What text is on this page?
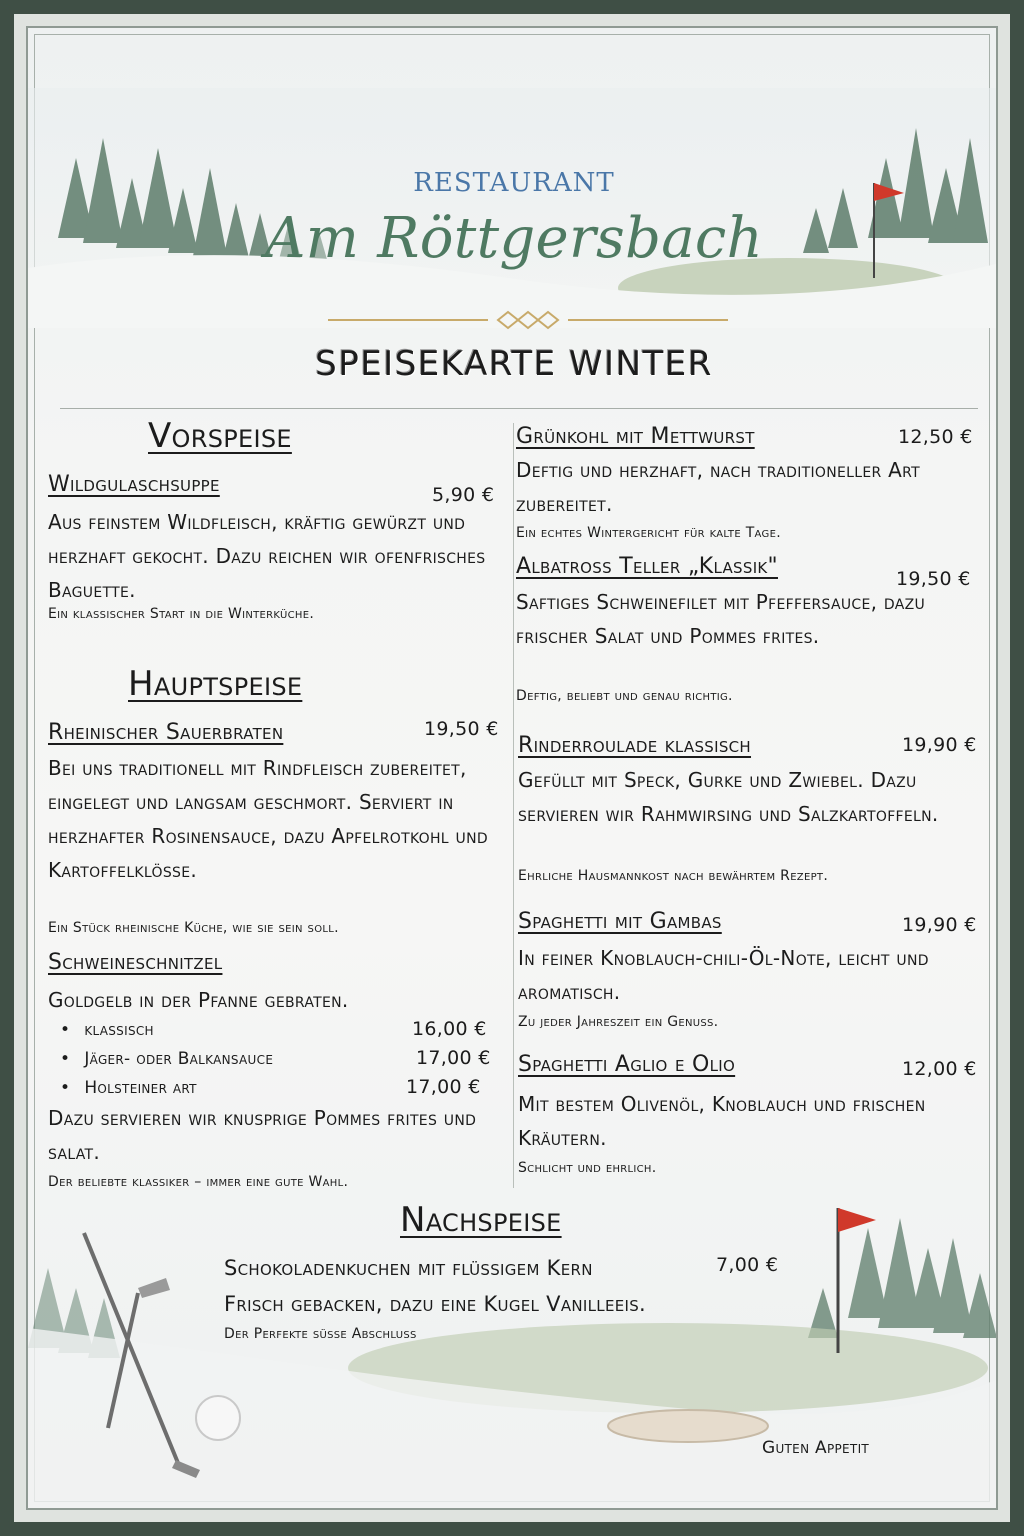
RESTAURANT
Am Röttgersbach
SPEISEKARTE WINTER
Vorspeise
Wildgulaschsuppe	5,90 €
Aus feinstem Wildfleisch, kräftig gewürzt und herzhaft gekocht. Dazu reichen wir ofenfrisches Baguette.
Ein klassischer Start in die Winterküche.
Hauptspeise
Rheinischer Sauerbraten	19,50 €
Bei uns traditionell mit Rindfleisch zubereitet, eingelegt und langsam geschmort. Serviert in herzhafter Rosinensauce, dazu Apfelrotkohl und Kartoffelklösse.
Ein Stück rheinische Küche, wie sie sein soll.
Schweineschnitzel
Goldgelb in der Pfanne gebraten.
• klassisch	16,00 €
• Jäger- oder Balkansauce	17,00 €
• Holsteiner art	17,00 €
Dazu servieren wir knusprige Pommes frites und salat.
Der beliebte klassiker – immer eine gute Wahl.
Grünkohl mit Mettwurst	12,50 €
Deftig und herzhaft, nach traditioneller Art zubereitet.
Ein echtes Wintergericht für kalte Tage.
Albatross Teller „Klassik"	19,50 €
Saftiges Schweinefilet mit Pfeffersauce, dazu frischer Salat und Pommes frites.
Deftig, beliebt und genau richtig.
Rinderroulade klassisch	19,90 €
Gefüllt mit Speck, Gurke und Zwiebel. Dazu servieren wir Rahmwirsing und Salzkartoffeln.
Ehrliche Hausmannkost nach bewährtem Rezept.
Spaghetti mit Gambas	19,90 €
In feiner Knoblauch-chili-Öl-Note, leicht und aromatisch.
Zu jeder Jahreszeit ein Genuss.
Spaghetti Aglio e Olio	12,00 €
Mit bestem Olivenöl, Knoblauch und frischen Kräutern.
Schlicht und ehrlich.
Nachspeise
Schokoladenkuchen mit flüssigem Kern	7,00 €
Frisch gebacken, dazu eine Kugel Vanilleeis.
Der Perfekte süsse Abschluss
Guten Appetit
